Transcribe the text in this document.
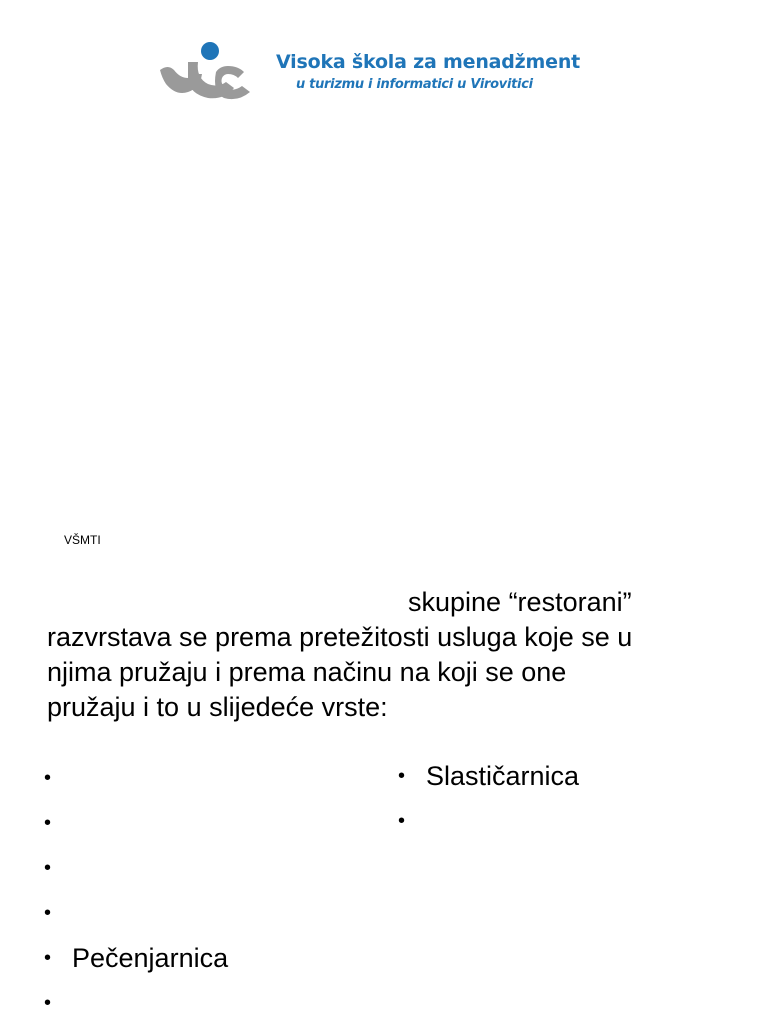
Visoka škola za menadžment
u turizmu i informatici u Virovitici
VŠMTI
skupine “restorani”
razvrstava se prema pretežitosti usluga koje se u
njima pružaju i prema načinu na koji se one
pružaju i to u slijedeće vrste:
•
•
•
•
• Pečenjarnica
•
• Slastičarnica
•
